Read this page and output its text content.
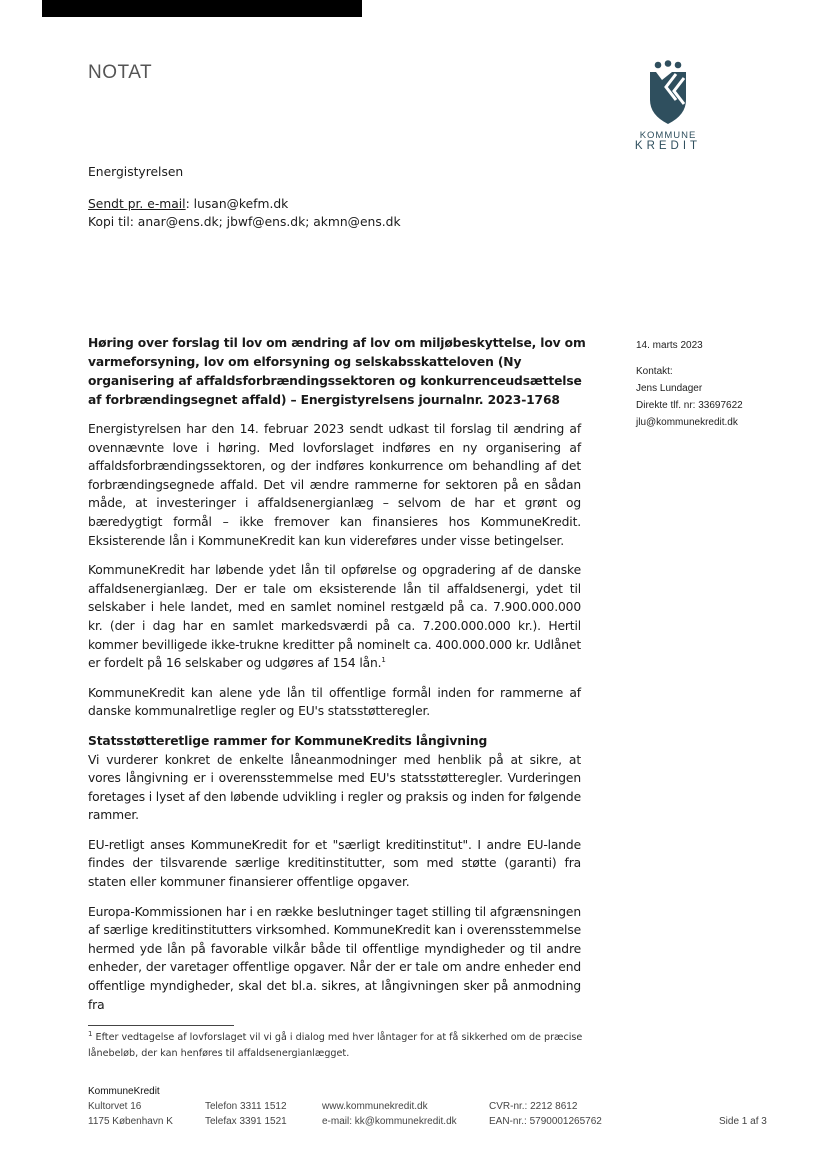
NOTAT
KOMMUNE
KREDIT
Energistyrelsen
Sendt pr. e-mail: lusan@kefm.dk
Kopi til: anar@ens.dk; jbwf@ens.dk; akmn@ens.dk
14. marts 2023
Kontakt:
Jens Lundager
Direkte tlf. nr: 33697622
jlu@kommunekredit.dk
Høring over forslag til lov om ændring af lov om miljøbeskyttelse, lov om varmeforsyning, lov om elforsyning og selskabsskatteloven (Ny organisering af affaldsforbrændingssektoren og konkurrenceudsættelse af forbrændingsegnet affald) – Energistyrelsens journalnr. 2023-1768
Energistyrelsen har den 14. februar 2023 sendt udkast til forslag til ændring af ovennævnte love i høring. Med lovforslaget indføres en ny organisering af affaldsforbrændingssektoren, og der indføres konkurrence om behandling af det forbrændingsegnede affald. Det vil ændre rammerne for sektoren på en sådan måde, at investeringer i affaldsenergianlæg – selvom de har et grønt og bæredygtigt formål – ikke fremover kan finansieres hos KommuneKredit. Eksisterende lån i KommuneKredit kan kun videreføres under visse betingelser.
KommuneKredit har løbende ydet lån til opførelse og opgradering af de danske affaldsenergianlæg. Der er tale om eksisterende lån til affaldsenergi, ydet til selskaber i hele landet, med en samlet nominel restgæld på ca. 7.900.000.000 kr. (der i dag har en samlet markedsværdi på ca. 7.200.000.000 kr.). Hertil kommer bevilligede ikke-trukne kreditter på nominelt ca. 400.000.000 kr. Udlånet er fordelt på 16 selskaber og udgøres af 154 lån.$^1$
KommuneKredit kan alene yde lån til offentlige formål inden for rammerne af danske kommunalretlige regler og EU's statsstøtteregler.
Statsstøtteretlige rammer for KommuneKredits långivning
Vi vurderer konkret de enkelte låneanmodninger med henblik på at sikre, at vores långivning er i overensstemmelse med EU's statsstøtteregler. Vurderingen foretages i lyset af den løbende udvikling i regler og praksis og inden for følgende rammer.
EU-retligt anses KommuneKredit for et "særligt kreditinstitut". I andre EU-lande findes der tilsvarende særlige kreditinstitutter, som med støtte (garanti) fra staten eller kommuner finansierer offentlige opgaver.
Europa-Kommissionen har i en række beslutninger taget stilling til afgrænsningen af særlige kreditinstitutters virksomhed. KommuneKredit kan i overensstemmelse hermed yde lån på favorable vilkår både til offentlige myndigheder og til andre enheder, der varetager offentlige opgaver. Når der er tale om andre enheder end offentlige myndigheder, skal det bl.a. sikres, at långivningen sker på anmodning fra
$^1$ Efter vedtagelse af lovforslaget vil vi gå i dialog med hver låntager for at få sikkerhed om de præcise lånebeløb, der kan henføres til affaldsenergianlægget.
KommuneKredit
Kultorvet 16
1175 København K
Telefon 3311 1512
Telefax 3391 1521
www.kommunekredit.dk
e-mail: kk@kommunekredit.dk
CVR-nr.: 2212 8612
EAN-nr.: 5790001265762	Side 1 af 3
